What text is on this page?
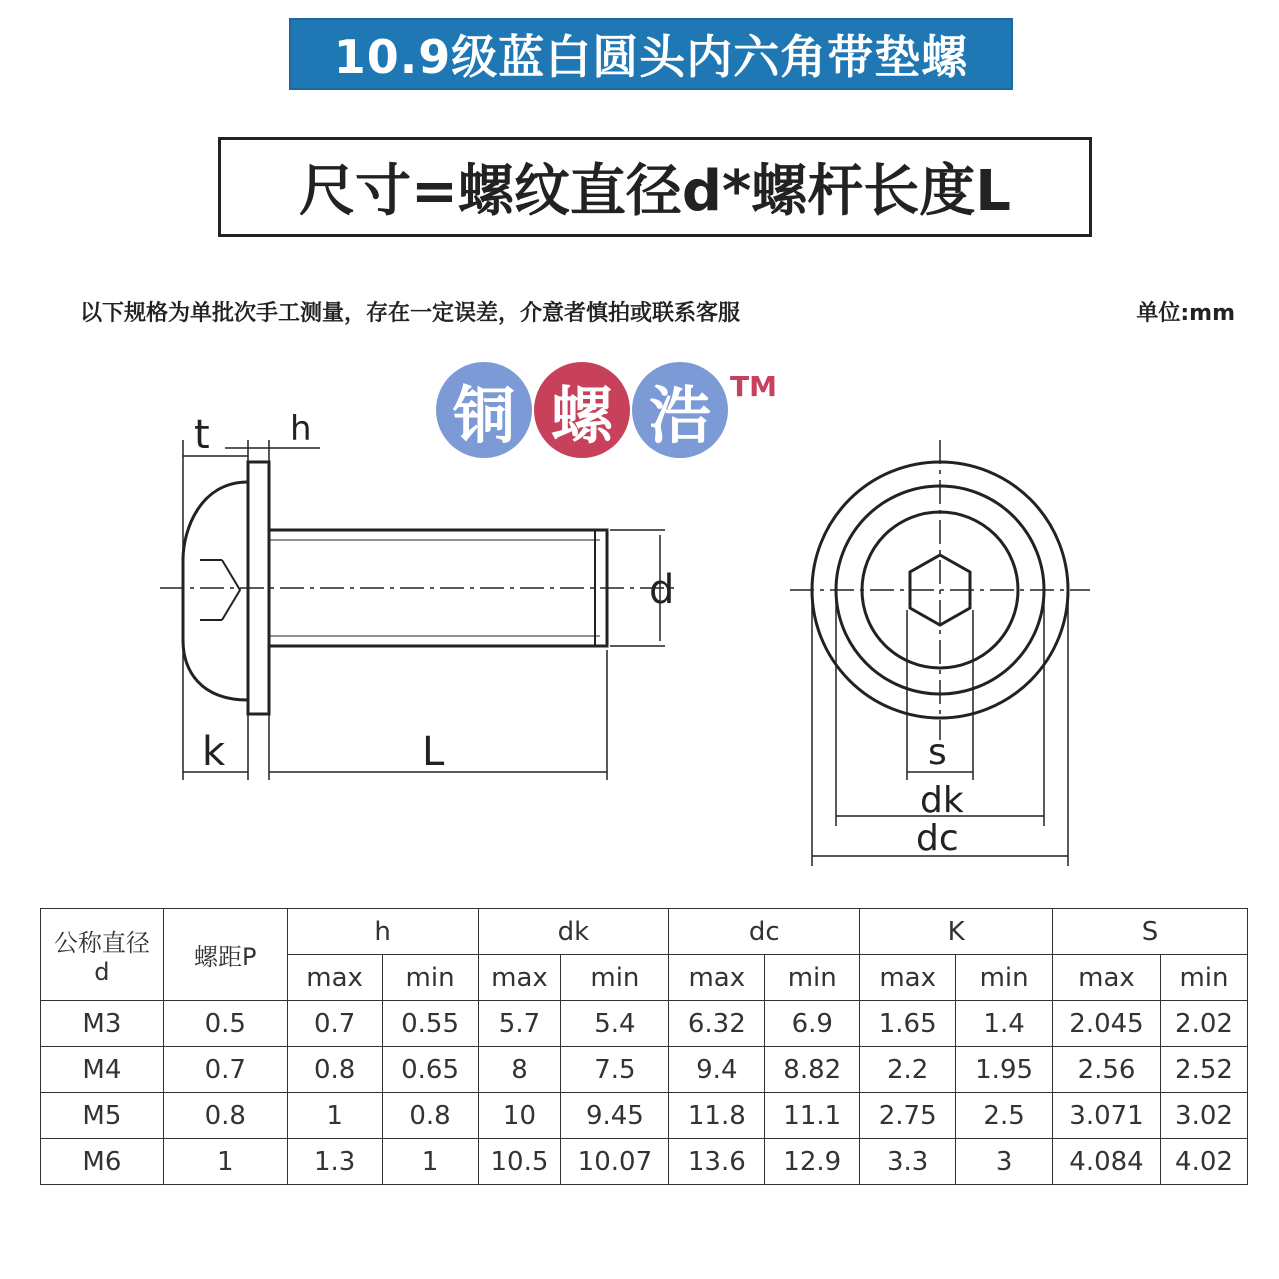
10.9级蓝白圆头内六角带垫螺
尺寸=螺纹直径d*螺杆长度L
以下规格为单批次手工测量，存在一定误差，介意者慎拍或联系客服	单位:mm
铜 螺 浩 TM
t h
k	L
d
s
dk
dc
公称直径
d	螺距P	h		dk		dc		K		S	
		max	min	max	min	max	min	max	min	max	min
M3	0.5	0.7	0.55	5.7	5.4	6.32	6.9	1.65	1.4	2.045	2.02
M4	0.7	0.8	0.65	8	7.5	9.4	8.82	2.2	1.95	2.56	2.52
M5	0.8	1	0.8	10	9.45	11.8	11.1	2.75	2.5	3.071	3.02
M6	1	1.3	1	10.5	10.07	13.6	12.9	3.3	3	4.084	4.02
